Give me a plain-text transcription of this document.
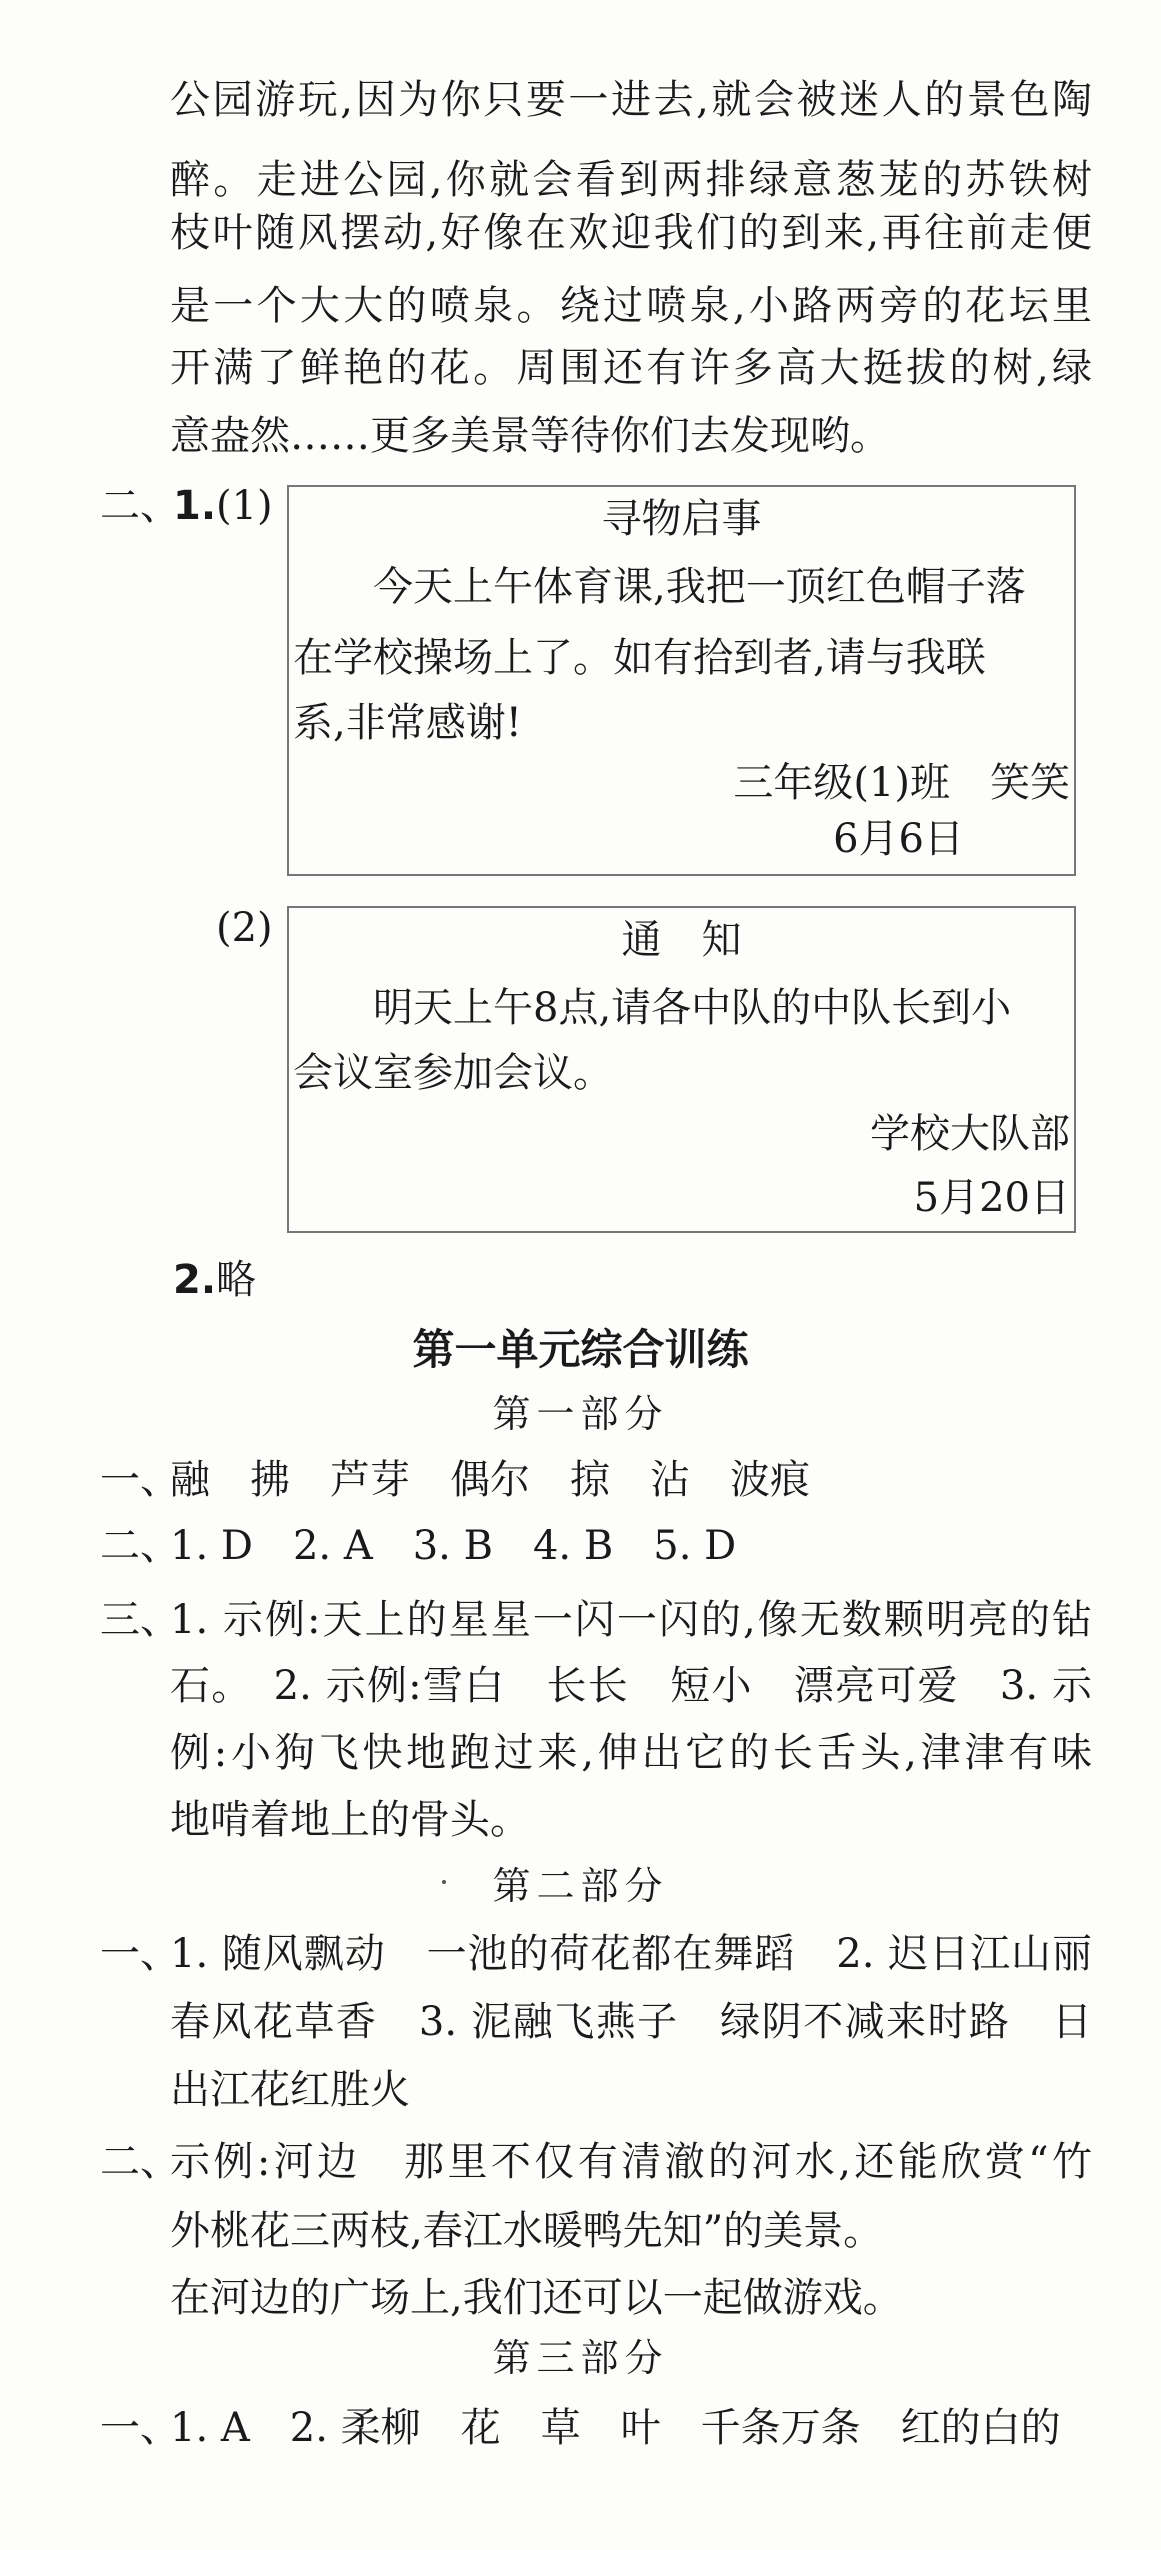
公园游玩,因为你只要一进去,就会被迷人的景色陶
醉。走进公园,你就会看到两排绿意葱茏的苏铁树
枝叶随风摆动,好像在欢迎我们的到来,再往前走便
是一个大大的喷泉。绕过喷泉,小路两旁的花坛里
开满了鲜艳的花。周围还有许多高大挺拔的树,绿
意盎然……更多美景等待你们去发现哟。
二、
1. (1)	寻物启事
今天上午体育课,我把一顶红色帽子落
在学校操场上了。如有拾到者,请与我联
系,非常感谢!
三年级(1)班　笑笑
6月6日
(2)	通　知
明天上午8点,请各中队的中队长到小
会议室参加会议。
学校大队部
5月20日
2. 略
第一单元综合训练
第一部分
一、
融　拂　芦芽　偶尔　掠　沾　波痕
二、
1. D　2. A　3. B　4. B　5. D
三、
1. 示例:天上的星星一闪一闪的,像无数颗明亮的钻
石。　2. 示例:雪白　长长　短小　漂亮可爱　3. 示
例:小狗飞快地跑过来,伸出它的长舌头,津津有味
地啃着地上的骨头。
第二部分
一、
1. 随风飘动　一池的荷花都在舞蹈　2. 迟日江山丽
春风花草香　3. 泥融飞燕子　绿阴不减来时路　日
出江花红胜火
二、
示例:河边　那里不仅有清澈的河水,还能欣赏“竹
外桃花三两枝,春江水暖鸭先知”的美景。
在河边的广场上,我们还可以一起做游戏。
第三部分
一、
1. A　2. 柔柳　花　草　叶　千条万条　红的白的
